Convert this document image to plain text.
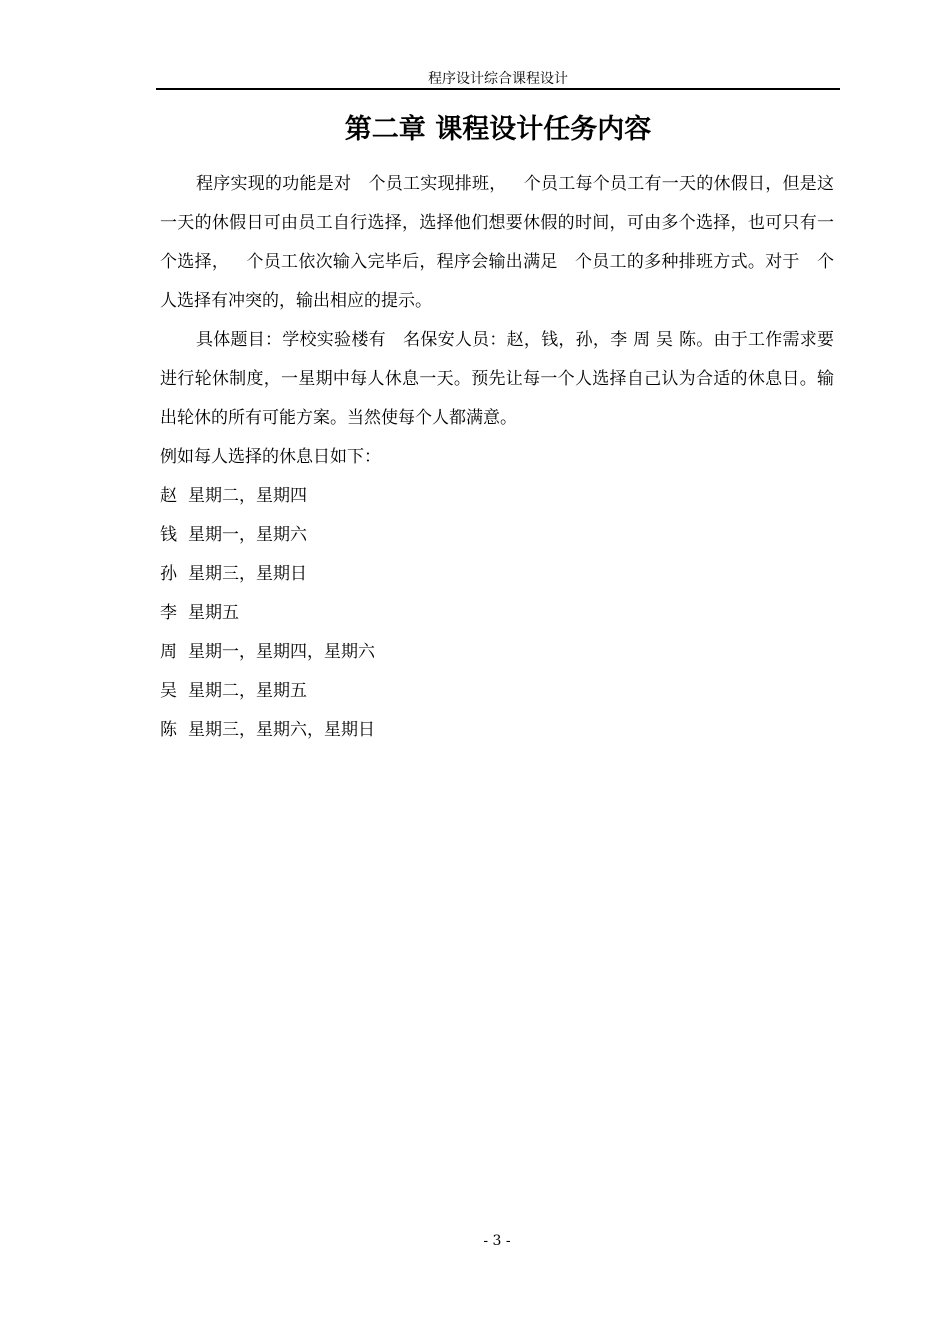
程序设计综合课程设计
第二章 课程设计任务内容

程序实现的功能是对 个员工实现排班， 个员工每个员工有一天的休假日，但是这一天的休假日可由员工自行选择，选择他们想要休假的时间，可由多个选择，也可只有一个选择， 个员工依次输入完毕后，程序会输出满足 个员工的多种排班方式。对于 个人选择有冲突的，输出相应的提示。

具体题目：学校实验楼有 名保安人员：赵，钱，孙，李 周 吴 陈。由于工作需求要进行轮休制度，一星期中每人休息一天。预先让每一个人选择自己认为合适的休息日。输出轮休的所有可能方案。当然使每个人都满意。

例如每人选择的休息日如下：

赵 星期二，星期四

钱 星期一，星期六

孙 星期三，星期日

李 星期五

周 星期一，星期四，星期六

吴 星期二，星期五

陈 星期三，星期六，星期日

- 3 -
